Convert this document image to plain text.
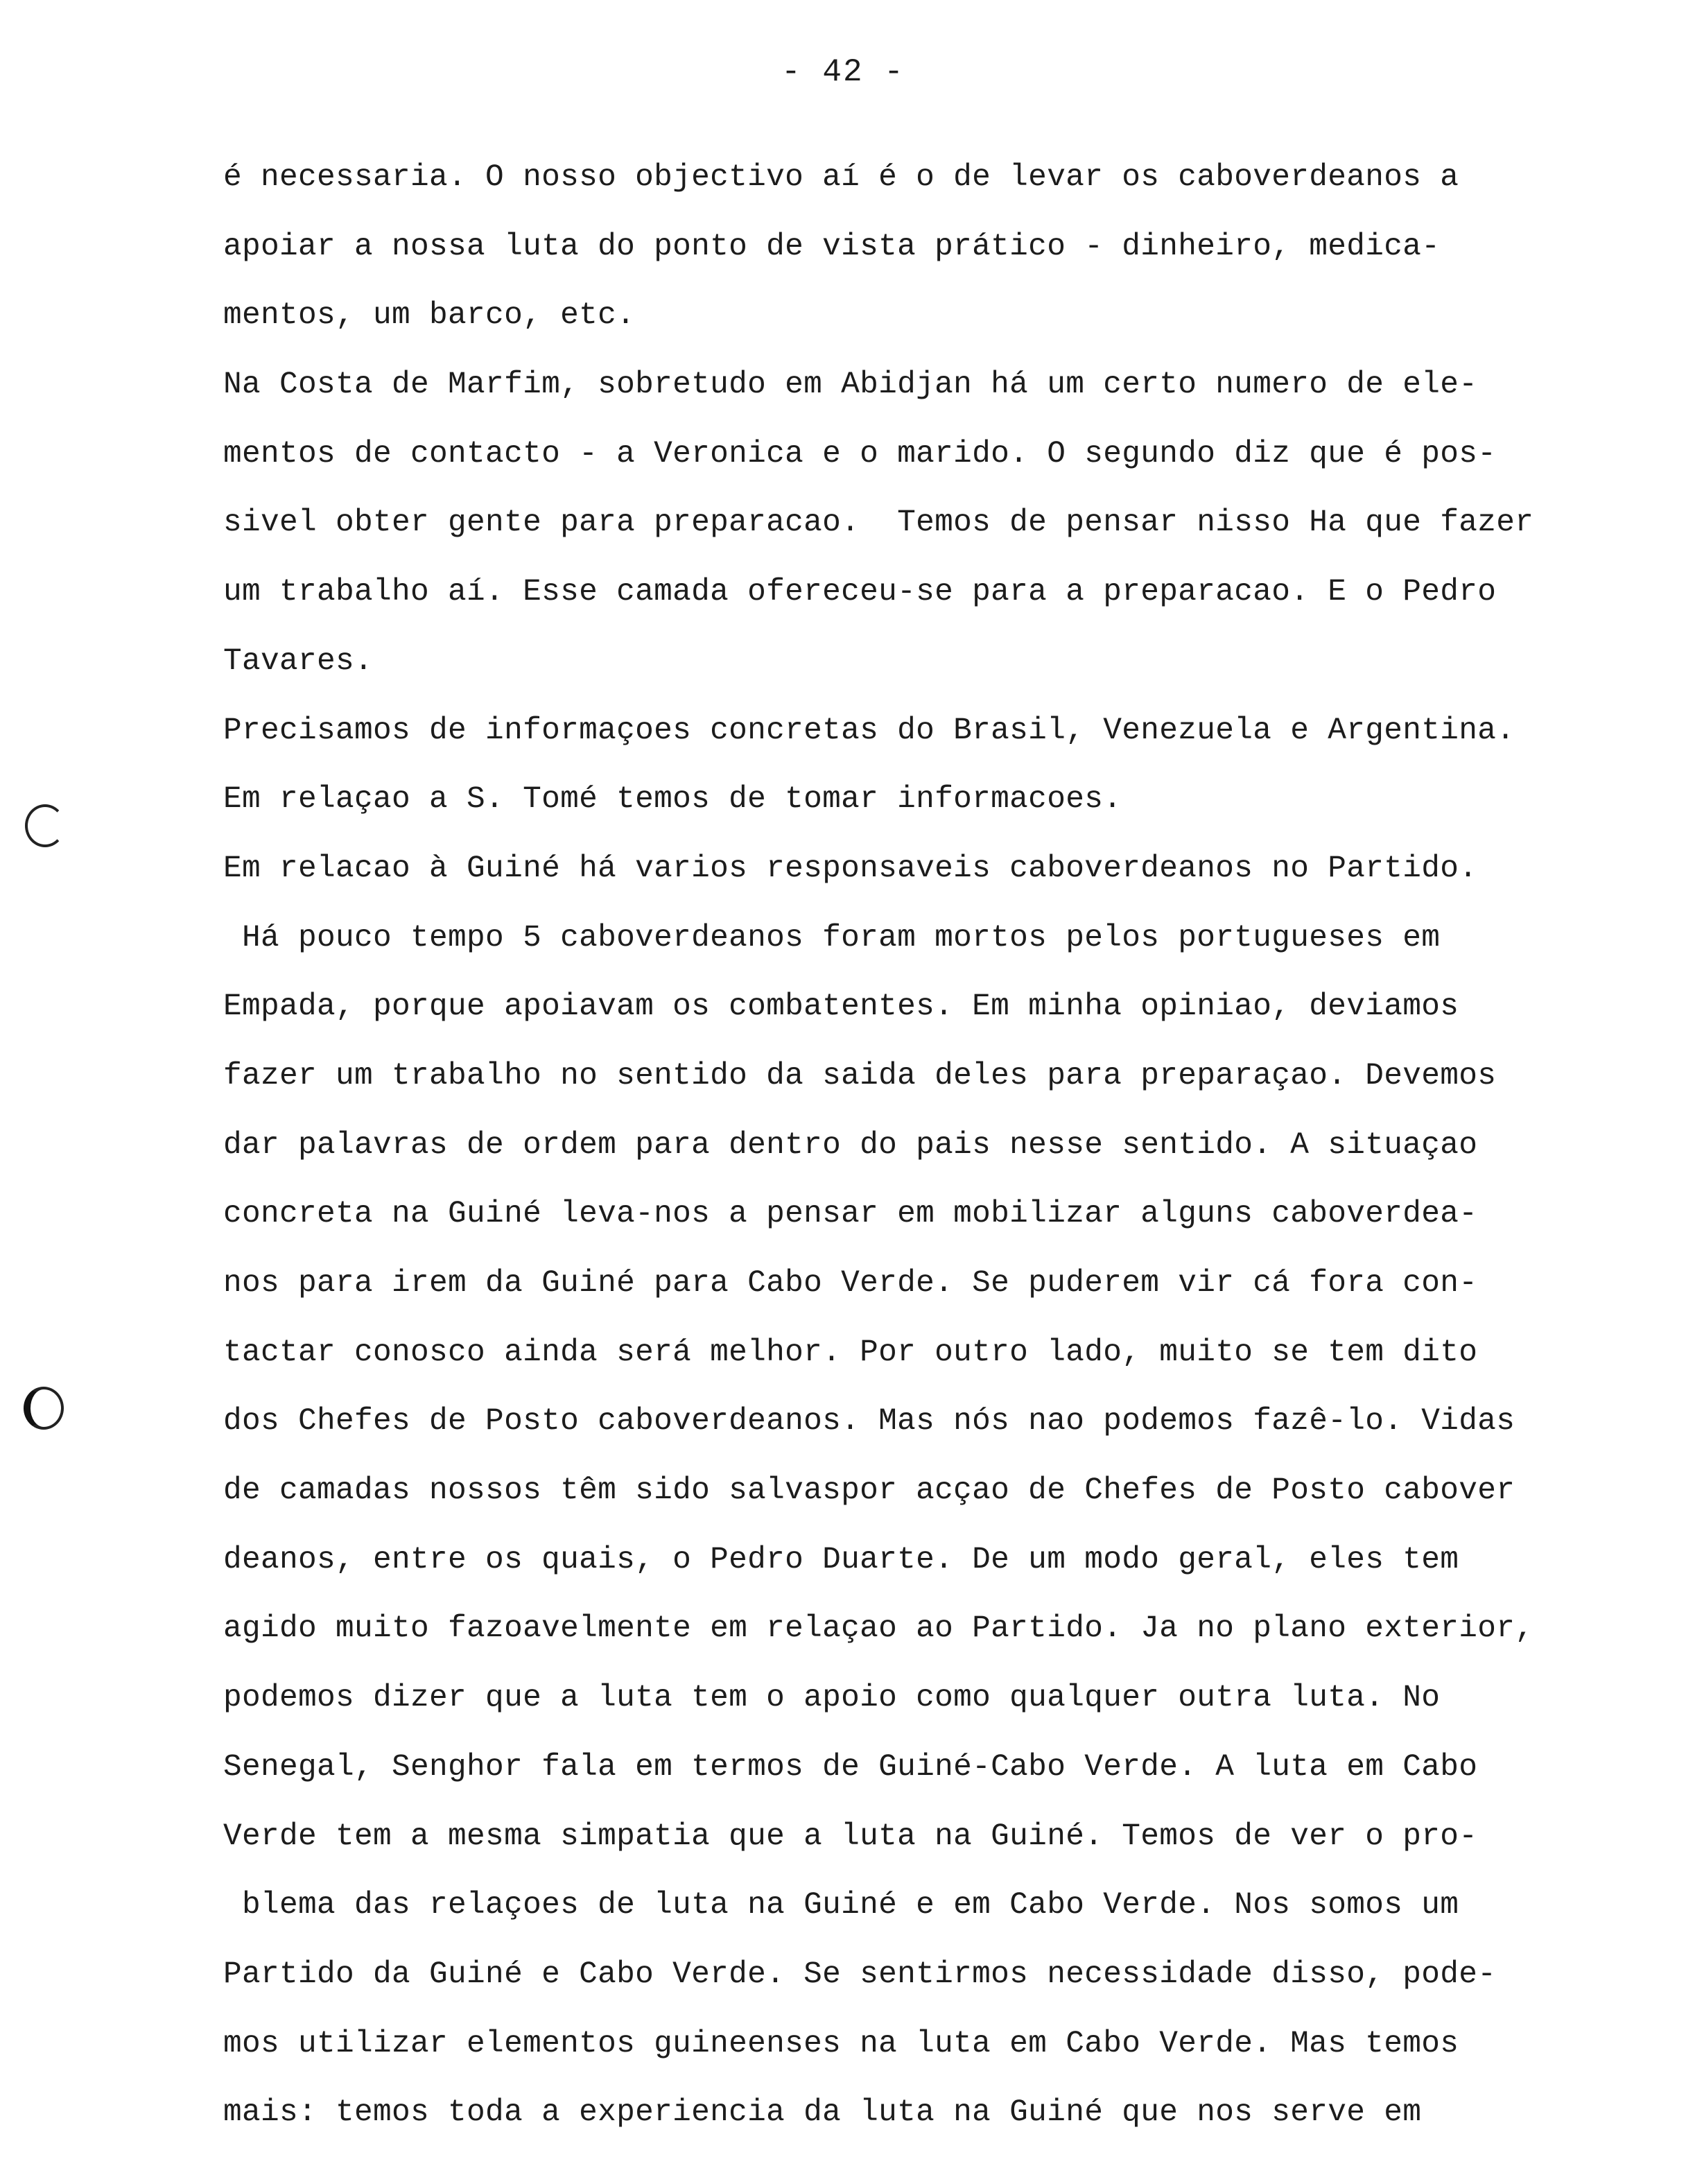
- 42 -
é necessaria. O nosso objectivo aí é o de levar os caboverdeanos a
apoiar a nossa luta do ponto de vista prático - dinheiro, medica-
mentos, um barco, etc.
Na Costa de Marfim, sobretudo em Abidjan há um certo numero de ele-
mentos de contacto - a Veronica e o marido. O segundo diz que é pos-
sivel obter gente para preparacao.  Temos de pensar nisso Ha que fazer
um trabalho aí. Esse camada ofereceu-se para a preparacao. E o Pedro
Tavares.
Precisamos de informaçoes concretas do Brasil, Venezuela e Argentina.
Em relaçao a S. Tomé temos de tomar informacoes.
Em relacao à Guiné há varios responsaveis caboverdeanos no Partido.
Há pouco tempo 5 caboverdeanos foram mortos pelos portugueses em
Empada, porque apoiavam os combatentes. Em minha opiniao, deviamos
fazer um trabalho no sentido da saida deles para preparaçao. Devemos
dar palavras de ordem para dentro do pais nesse sentido. A situaçao
concreta na Guiné leva-nos a pensar em mobilizar alguns caboverdea-
nos para irem da Guiné para Cabo Verde. Se puderem vir cá fora con-
tactar conosco ainda será melhor. Por outro lado, muito se tem dito
dos Chefes de Posto caboverdeanos. Mas nós nao podemos fazê-lo. Vidas
de camadas nossos têm sido salvaspor acçao de Chefes de Posto cabover
deanos, entre os quais, o Pedro Duarte. De um modo geral, eles tem
agido muito fazoavelmente em relaçao ao Partido. Ja no plano exterior,
podemos dizer que a luta tem o apoio como qualquer outra luta. No
Senegal, Senghor fala em termos de Guiné-Cabo Verde. A luta em Cabo
Verde tem a mesma simpatia que a luta na Guiné. Temos de ver o pro-
blema das relaçoes de luta na Guiné e em Cabo Verde. Nos somos um
Partido da Guiné e Cabo Verde. Se sentirmos necessidade disso, pode-
mos utilizar elementos guineenses na luta em Cabo Verde. Mas temos
mais: temos toda a experiencia da luta na Guiné que nos serve em
